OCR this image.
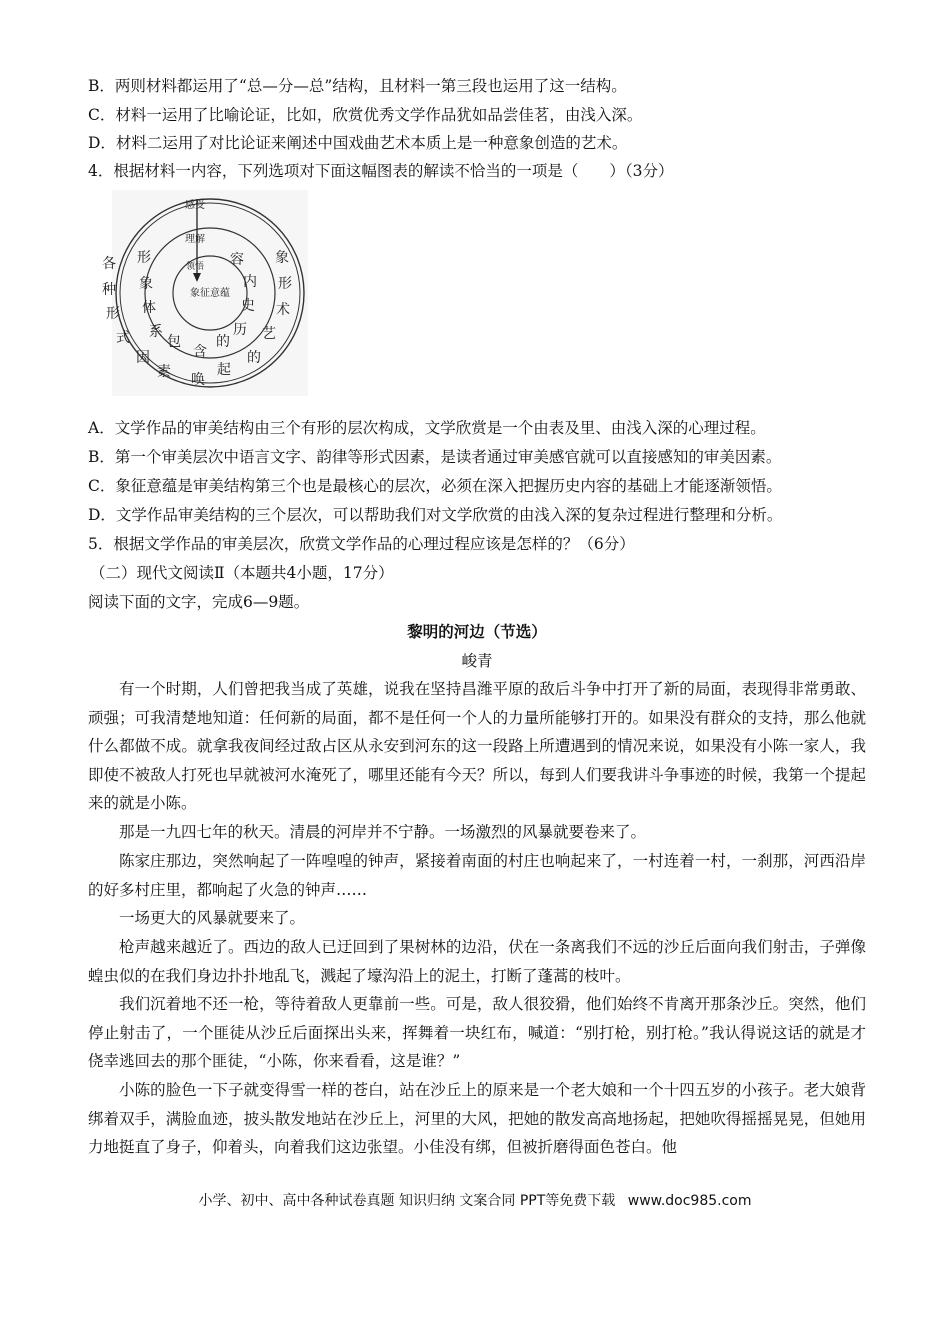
B．两则材料都运用了“总—分—总”结构，且材料一第三段也运用了这一结构。
C．材料一运用了比喻论证，比如，欣赏优秀文学作品犹如品尝佳茗，由浅入深。
D．材料二运用了对比论证来阐述中国戏曲艺术本质上是一种意象创造的艺术。
4．根据材料一内容，下列选项对下面这幅图表的解读不恰当的一项是（　　）（3分）
感受
理解
领悟
象征意蕴
各
种
形
式
象
形
术
艺
的
因
素 唤
起
形
象
体
系
容
内
史
历
包
含
的
A．文学作品的审美结构由三个有形的层次构成，文学欣赏是一个由表及里、由浅入深的心理过程。
B．第一个审美层次中语言文字、韵律等形式因素，是读者通过审美感官就可以直接感知的审美因素。
C．象征意蕴是审美结构第三个也是最核心的层次，必须在深入把握历史内容的基础上才能逐渐领悟。
D．文学作品审美结构的三个层次，可以帮助我们对文学欣赏的由浅入深的复杂过程进行整理和分析。
5．根据文学作品的审美层次，欣赏文学作品的心理过程应该是怎样的？（6分）
（二）现代文阅读Ⅱ（本题共4小题，17分）
阅读下面的文字，完成6—9题。
黎明的河边（节选）
峻青
有一个时期，人们曾把我当成了英雄，说我在坚持昌潍平原的敌后斗争中打开了新的局面，表现得非常勇敢、顽强；可我清楚地知道：任何新的局面，都不是任何一个人的力量所能够打开的。如果没有群众的支持，那么他就什么都做不成。就拿我夜间经过敌占区从永安到河东的这一段路上所遭遇到的情况来说，如果没有小陈一家人，我即使不被敌人打死也早就被河水淹死了，哪里还能有今天？所以，每到人们要我讲斗争事迹的时候，我第一个提起来的就是小陈。
那是一九四七年的秋天。清晨的河岸并不宁静。一场激烈的风暴就要卷来了。
陈家庄那边，突然响起了一阵喤喤的钟声，紧接着南面的村庄也响起来了，一村连着一村，一刹那，河西沿岸的好多村庄里，都响起了火急的钟声……
一场更大的风暴就要来了。
枪声越来越近了。西边的敌人已迂回到了果树林的边沿，伏在一条离我们不远的沙丘后面向我们射击，子弹像蝗虫似的在我们身边扑扑地乱飞，溅起了壕沟沿上的泥土，打断了蓬蒿的枝叶。
我们沉着地不还一枪，等待着敌人更靠前一些。可是，敌人很狡猾，他们始终不肯离开那条沙丘。突然，他们停止射击了，一个匪徒从沙丘后面探出头来，挥舞着一块红布，喊道：“别打枪，别打枪。”我认得说这话的就是才侥幸逃回去的那个匪徒，“小陈，你来看看，这是谁？”
小陈的脸色一下子就变得雪一样的苍白，站在沙丘上的原来是一个老大娘和一个十四五岁的小孩子。老大娘背绑着双手，满脸血迹，披头散发地站在沙丘上，河里的大风，把她的散发高高地扬起，把她吹得摇摇晃晃，但她用力地挺直了身子，仰着头，向着我们这边张望。小佳没有绑，但被折磨得面色苍白。他
小学、初中、高中各种试卷真题 知识归纳 文案合同 PPT等免费下载 www.doc985.com
